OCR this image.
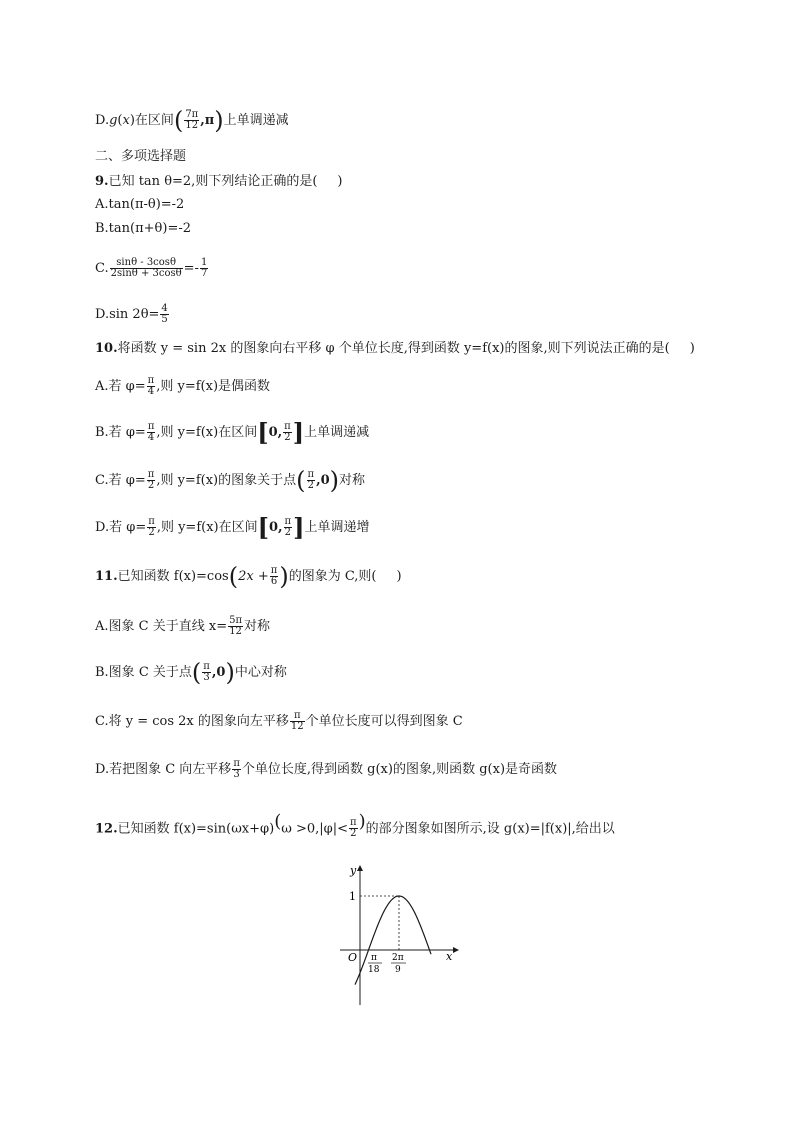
D.g(x)在区间( $\frac{7\pi}{12} ,\pi$)上单调递减
二、多项选择题
9.已知 tan θ=2,则下列结论正确的是( )
A.tan(π-θ)=-2
B.tan(π+θ)=-2
C. $\frac{\sin\theta - 3\cos\theta}{2\sin\theta + 3\cos\theta} =- \frac{1}{7}$
D.sin $2\theta= \frac{4}{5}$
10.将函数 y = sin 2x 的图象向右平移 φ 个单位长度,得到函数 y=f(x)的图象,则下列说法正确的是( )
A.若 $\varphi= \frac{\pi}{4}$ ,则 y=f(x)是偶函数
B.若 $\varphi= \frac{\pi}{4}$ ,则 y=f(x)在区间[0, $\frac{\pi}{2}$ ]上单调递减
C.若 $\varphi= \frac{\pi}{2}$ ,则 y=f(x)的图象关于点( $\frac{\pi}{2} ,0$)对称
D.若 $\varphi= \frac{\pi}{2}$ ,则 y=f(x)在区间[0, $\frac{\pi}{2}$ ]上单调递增
11.已知函数 $f(x)=\cos(2x + \frac{\pi}{6}$ )的图象为 C,则( )
A.图象 C 关于直线 $x= \frac{5\pi}{12}$ 对称
B.图象 C 关于点( $\frac{\pi}{3} ,0$)中心对称
C.将 y = cos 2x 的图象向左平移 $\frac{\pi}{12}$ 个单位长度可以得到图象 C
D.若把图象 C 向左平移 $\frac{\pi}{3}$ 个单位长度,得到函数 g(x)的图象,则函数 g(x)是奇函数
12.已知函数 $f(x)=\sin(\omega x+\varphi)(\omega >0,|\varphi|< \frac{\pi}{2}$ )的部分图象如图所示,设 g(x)=|f(x)|,给出以
y
x
O
1
π
18
2π
9
